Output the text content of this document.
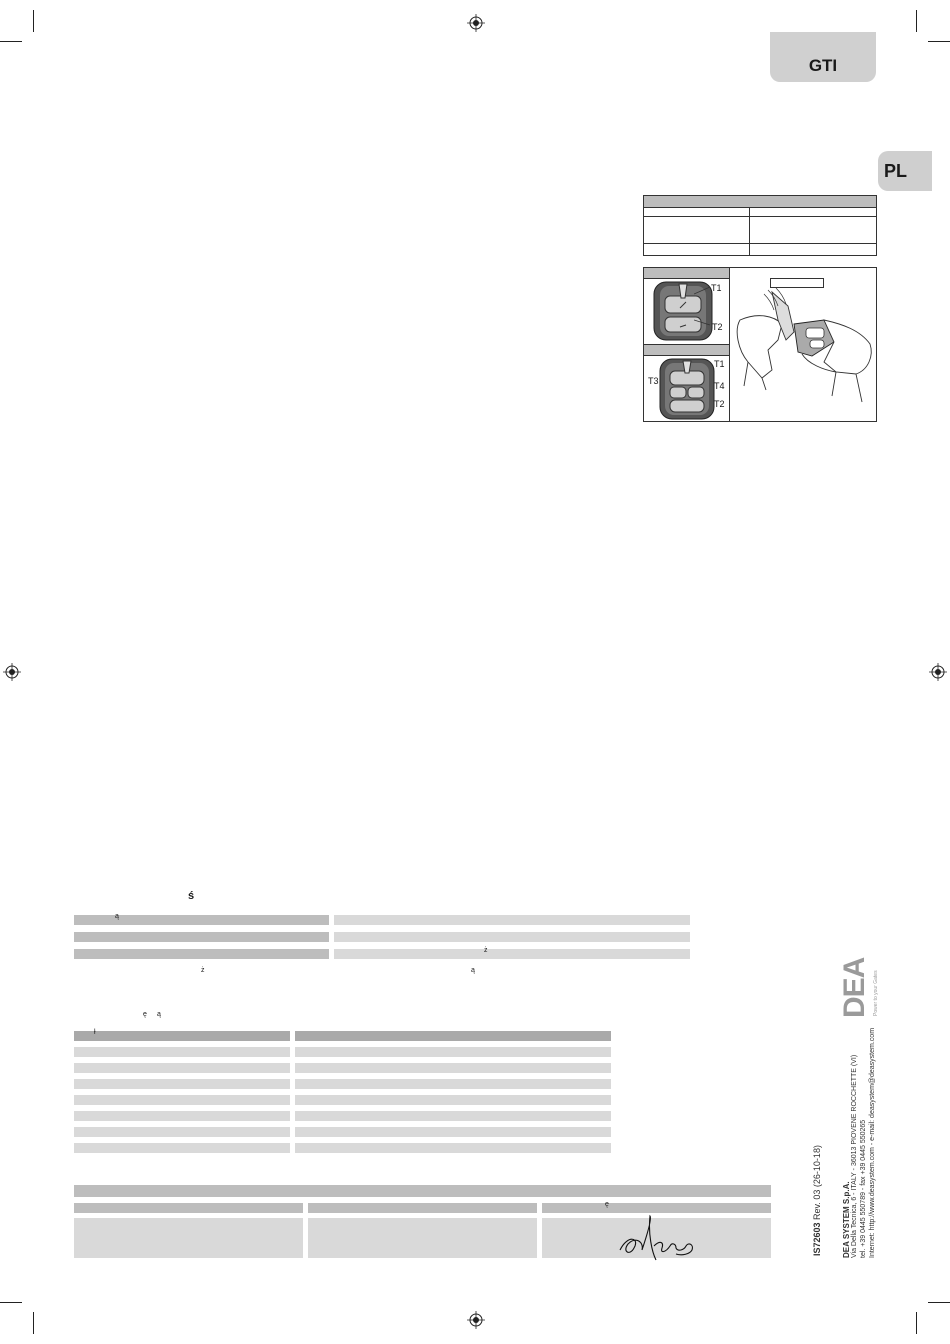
GTI
PL
T1
T2
T1
T3	T4
T2
ś
ą
ż
ż	ą
ę ą
ł
ę
IS72603 Rev. 03 (26-10-18)
DEA SYSTEM S.p.A. Via Della Tecnica, 6 - ITALY - 36013 PIOVENE ROCCHETTE (VI) tel. +39 0445 550789 - fax +39 0445 550265 Internet: http://www.deasystem.com - e-mail: deasystem@deasystem.com
DEA Power to your Gates
